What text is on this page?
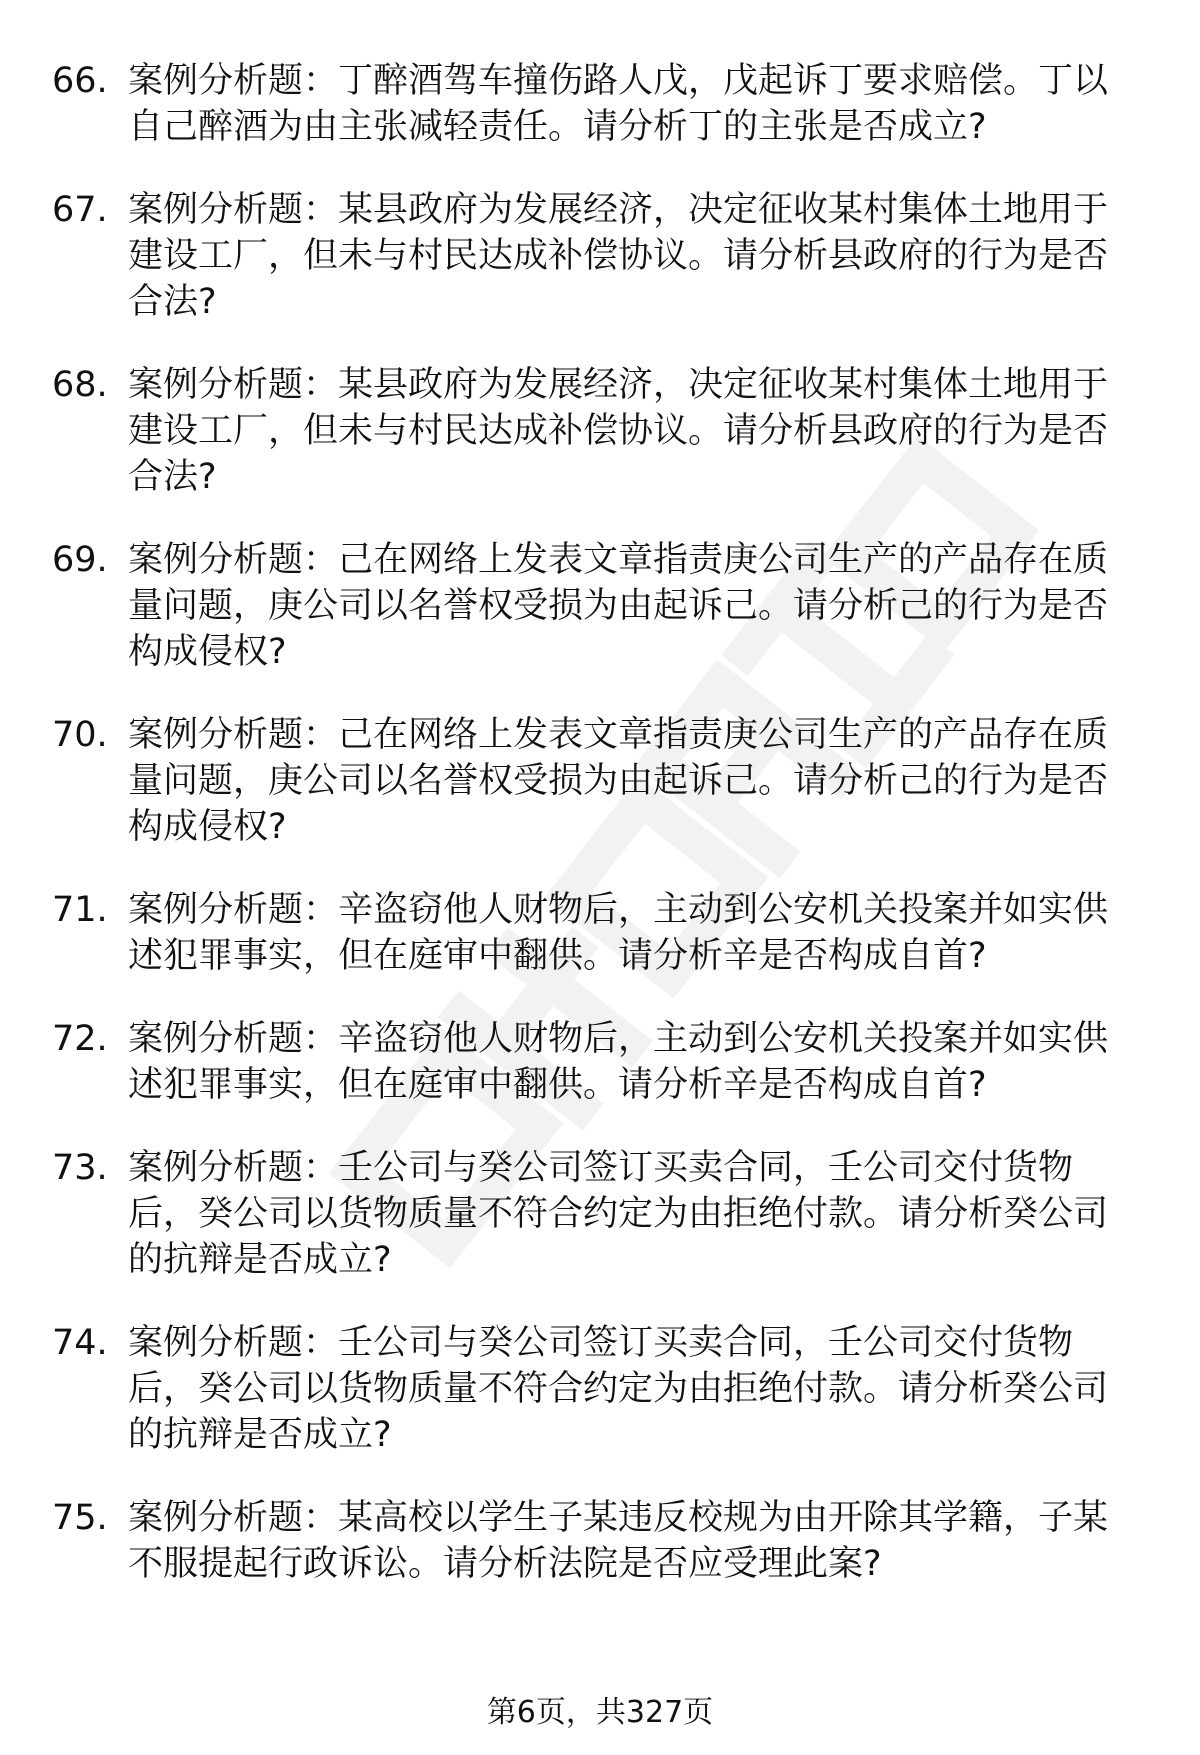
66. 案例分析题：丁醉酒驾车撞伤路人戊，戊起诉丁要求赔偿。丁以自己醉酒为由主张减轻责任。请分析丁的主张是否成立?
67. 案例分析题：某县政府为发展经济，决定征收某村集体土地用于建设工厂，但未与村民达成补偿协议。请分析县政府的行为是否合法?
68. 案例分析题：某县政府为发展经济，决定征收某村集体土地用于建设工厂，但未与村民达成补偿协议。请分析县政府的行为是否合法?
69. 案例分析题：己在网络上发表文章指责庚公司生产的产品存在质量问题，庚公司以名誉权受损为由起诉己。请分析己的行为是否构成侵权?
70. 案例分析题：己在网络上发表文章指责庚公司生产的产品存在质量问题，庚公司以名誉权受损为由起诉己。请分析己的行为是否构成侵权?
71. 案例分析题：辛盗窃他人财物后，主动到公安机关投案并如实供述犯罪事实，但在庭审中翻供。请分析辛是否构成自首?
72. 案例分析题：辛盗窃他人财物后，主动到公安机关投案并如实供述犯罪事实，但在庭审中翻供。请分析辛是否构成自首?
73. 案例分析题：壬公司与癸公司签订买卖合同，壬公司交付货物后，癸公司以货物质量不符合约定为由拒绝付款。请分析癸公司的抗辩是否成立?
74. 案例分析题：壬公司与癸公司签订买卖合同，壬公司交付货物后，癸公司以货物质量不符合约定为由拒绝付款。请分析癸公司的抗辩是否成立?
75. 案例分析题：某高校以学生子某违反校规为由开除其学籍，子某不服提起行政诉讼。请分析法院是否应受理此案?
第6页，共327页
